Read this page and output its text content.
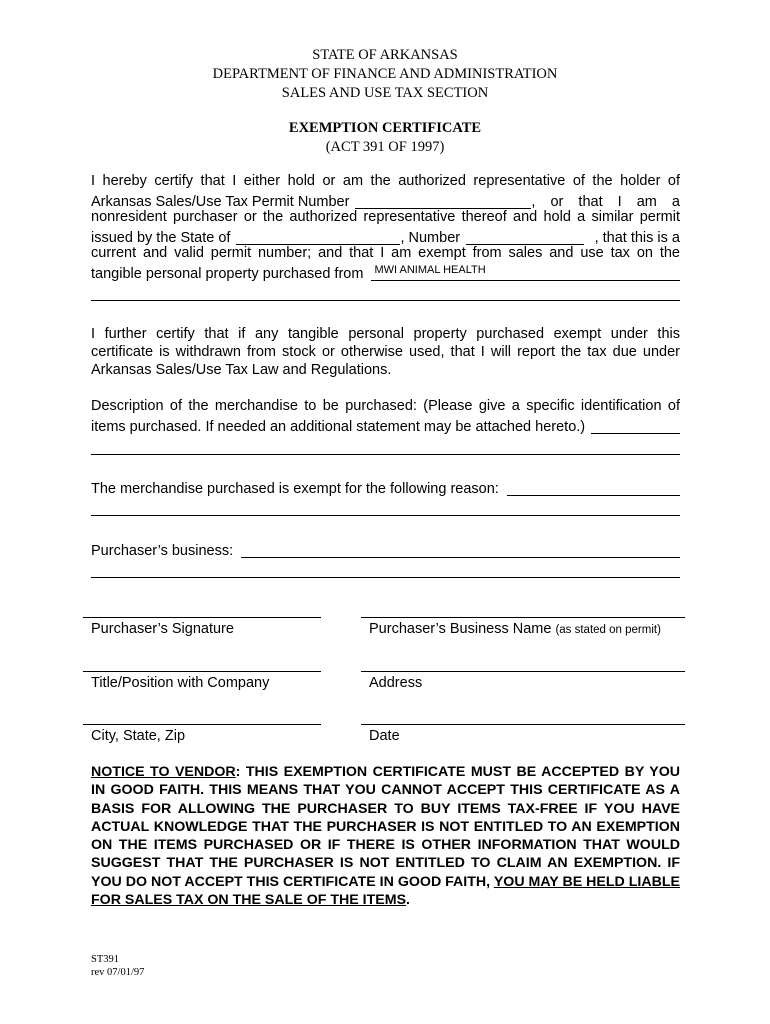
STATE OF ARKANSAS
DEPARTMENT OF FINANCE AND ADMINISTRATION
SALES AND USE TAX SECTION
EXEMPTION CERTIFICATE
(ACT 391 OF 1997)
I hereby certify that I either hold or am the authorized representative of the holder of
Arkansas Sales/Use Tax Permit Number	, or that I am a
nonresident purchaser or the authorized representative thereof and hold a similar permit
issued by the State of	, Number	, that this is a
current and valid permit number; and that I am exempt from sales and use tax on the
tangible personal property purchased from MWI ANIMAL HEALTH
I further certify that if any tangible personal property purchased exempt under this
certificate is withdrawn from stock or otherwise used, that I will report the tax due under
Arkansas Sales/Use Tax Law and Regulations.
Description of the merchandise to be purchased: (Please give a specific identification of
items purchased. If needed an additional statement may be attached hereto.)
The merchandise purchased is exempt for the following reason:
Purchaser’s business:
Purchaser’s Signature	Purchaser’s Business Name (as stated on permit)
Title/Position with Company	Address
City, State, Zip	Date
NOTICE TO VENDOR: THIS EXEMPTION CERTIFICATE MUST BE ACCEPTED BY YOU IN GOOD FAITH. THIS MEANS THAT YOU CANNOT ACCEPT THIS CERTIFICATE AS A BASIS FOR ALLOWING THE PURCHASER TO BUY ITEMS TAX-FREE IF YOU HAVE ACTUAL KNOWLEDGE THAT THE PURCHASER IS NOT ENTITLED TO AN EXEMPTION ON THE ITEMS PURCHASED OR IF THERE IS OTHER INFORMATION THAT WOULD SUGGEST THAT THE PURCHASER IS NOT ENTITLED TO CLAIM AN EXEMPTION. IF YOU DO NOT ACCEPT THIS CERTIFICATE IN GOOD FAITH, YOU MAY BE HELD LIABLE FOR SALES TAX ON THE SALE OF THE ITEMS.
ST391
rev 07/01/97
